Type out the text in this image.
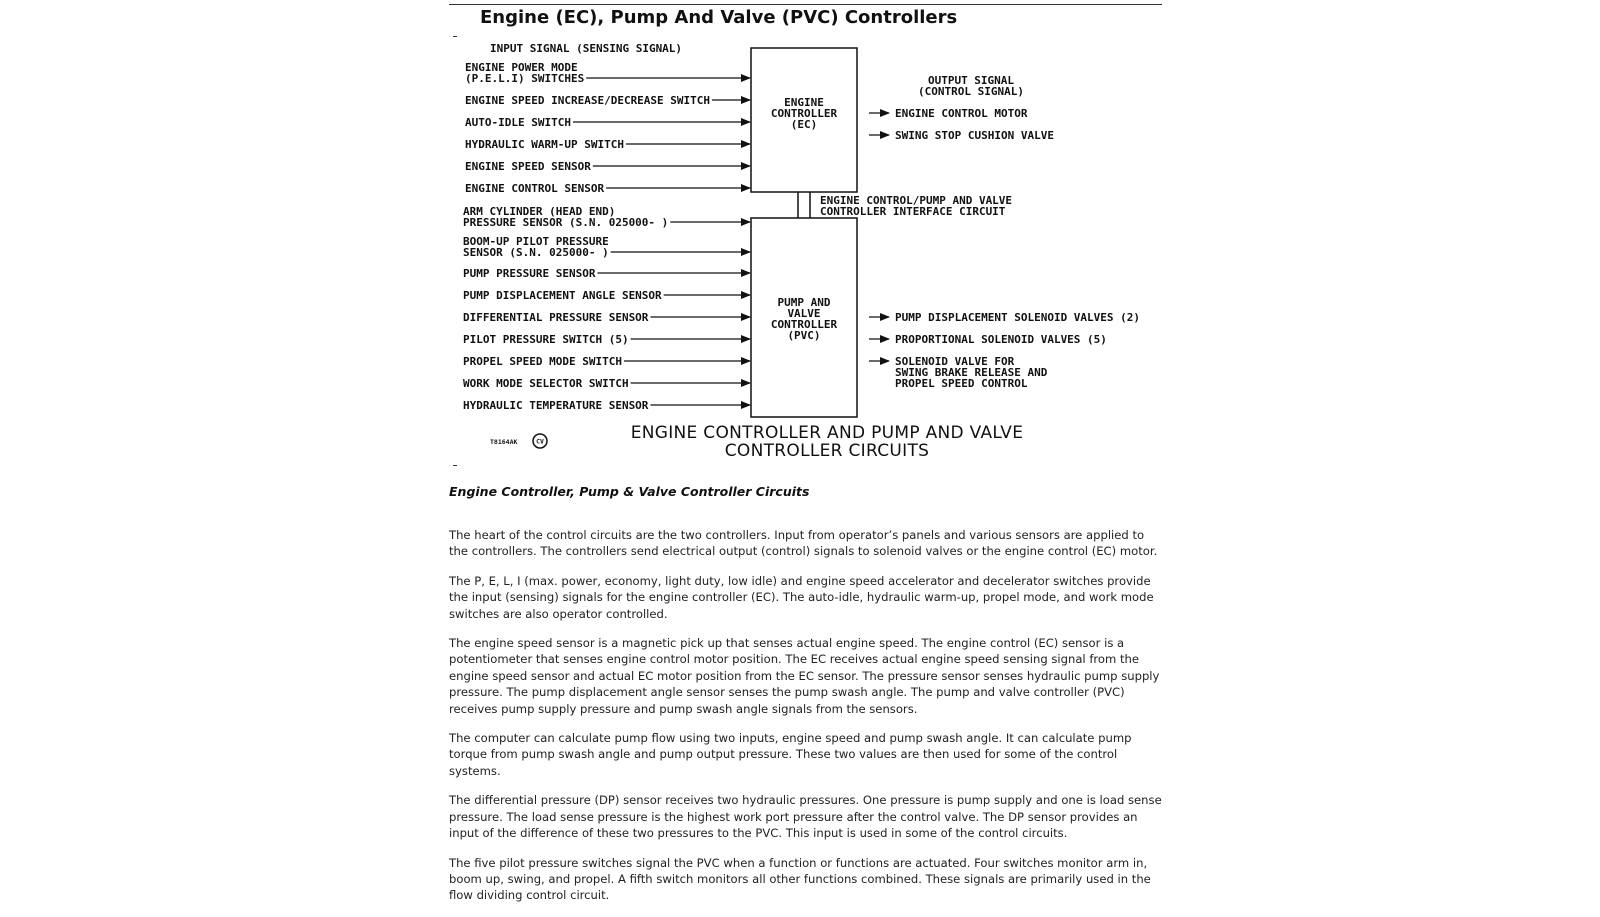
Engine (EC), Pump And Valve (PVC) Controllers
INPUT SIGNAL (SENSING SIGNAL)
ENGINE
CONTROLLER
(EC)
PUMP AND
VALVE
CONTROLLER
(PVC)
ENGINE CONTROL/PUMP AND VALVE
CONTROLLER INTERFACE CIRCUIT
OUTPUT SIGNAL
(CONTROL SIGNAL)
ENGINE POWER MODE
(P.E.L.I) SWITCHES
ENGINE SPEED INCREASE/DECREASE SWITCH
AUTO-IDLE SWITCH
HYDRAULIC WARM-UP SWITCH
ENGINE SPEED SENSOR
ENGINE CONTROL SENSOR
ARM CYLINDER (HEAD END)
PRESSURE SENSOR (S.N. 025000- )
BOOM-UP PILOT PRESSURE
SENSOR (S.N. 025000- )
PUMP PRESSURE SENSOR
PUMP DISPLACEMENT ANGLE SENSOR
DIFFERENTIAL PRESSURE SENSOR
PILOT PRESSURE SWITCH (5)
PROPEL SPEED MODE SWITCH
WORK MODE SELECTOR SWITCH
HYDRAULIC TEMPERATURE SENSOR
ENGINE CONTROL MOTOR
SWING STOP CUSHION VALVE
PUMP DISPLACEMENT SOLENOID VALVES (2)
PROPORTIONAL SOLENOID VALVES (5)
SOLENOID VALVE FOR
SWING BRAKE RELEASE AND
PROPEL SPEED CONTROL
ENGINE CONTROLLER AND PUMP AND VALVE
CONTROLLER CIRCUITS
T8164AK	CV
Engine Controller, Pump & Valve Controller Circuits

The heart of the control circuits are the two controllers. Input from operator’s panels and various sensors are applied to the controllers. The controllers send electrical output (control) signals to solenoid valves or the engine control (EC) motor.

The P, E, L, I (max. power, economy, light duty, low idle) and engine speed accelerator and decelerator switches provide the input (sensing) signals for the engine controller (EC). The auto-idle, hydraulic warm-up, propel mode, and work mode switches are also operator controlled.

The engine speed sensor is a magnetic pick up that senses actual engine speed. The engine control (EC) sensor is a potentiometer that senses engine control motor position. The EC receives actual engine speed sensing signal from the engine speed sensor and actual EC motor position from the EC sensor. The pressure sensor senses hydraulic pump supply pressure. The pump displacement angle sensor senses the pump swash angle. The pump and valve controller (PVC) receives pump supply pressure and pump swash angle signals from the sensors.

The computer can calculate pump flow using two inputs, engine speed and pump swash angle. It can calculate pump torque from pump swash angle and pump output pressure. These two values are then used for some of the control systems.

The differential pressure (DP) sensor receives two hydraulic pressures. One pressure is pump supply and one is load sense pressure. The load sense pressure is the highest work port pressure after the control valve. The DP sensor provides an input of the difference of these two pressures to the PVC. This input is used in some of the control circuits.

The five pilot pressure switches signal the PVC when a function or functions are actuated. Four switches monitor arm in, boom up, swing, and propel. A fifth switch monitors all other functions combined. These signals are primarily used in the flow dividing control circuit.
